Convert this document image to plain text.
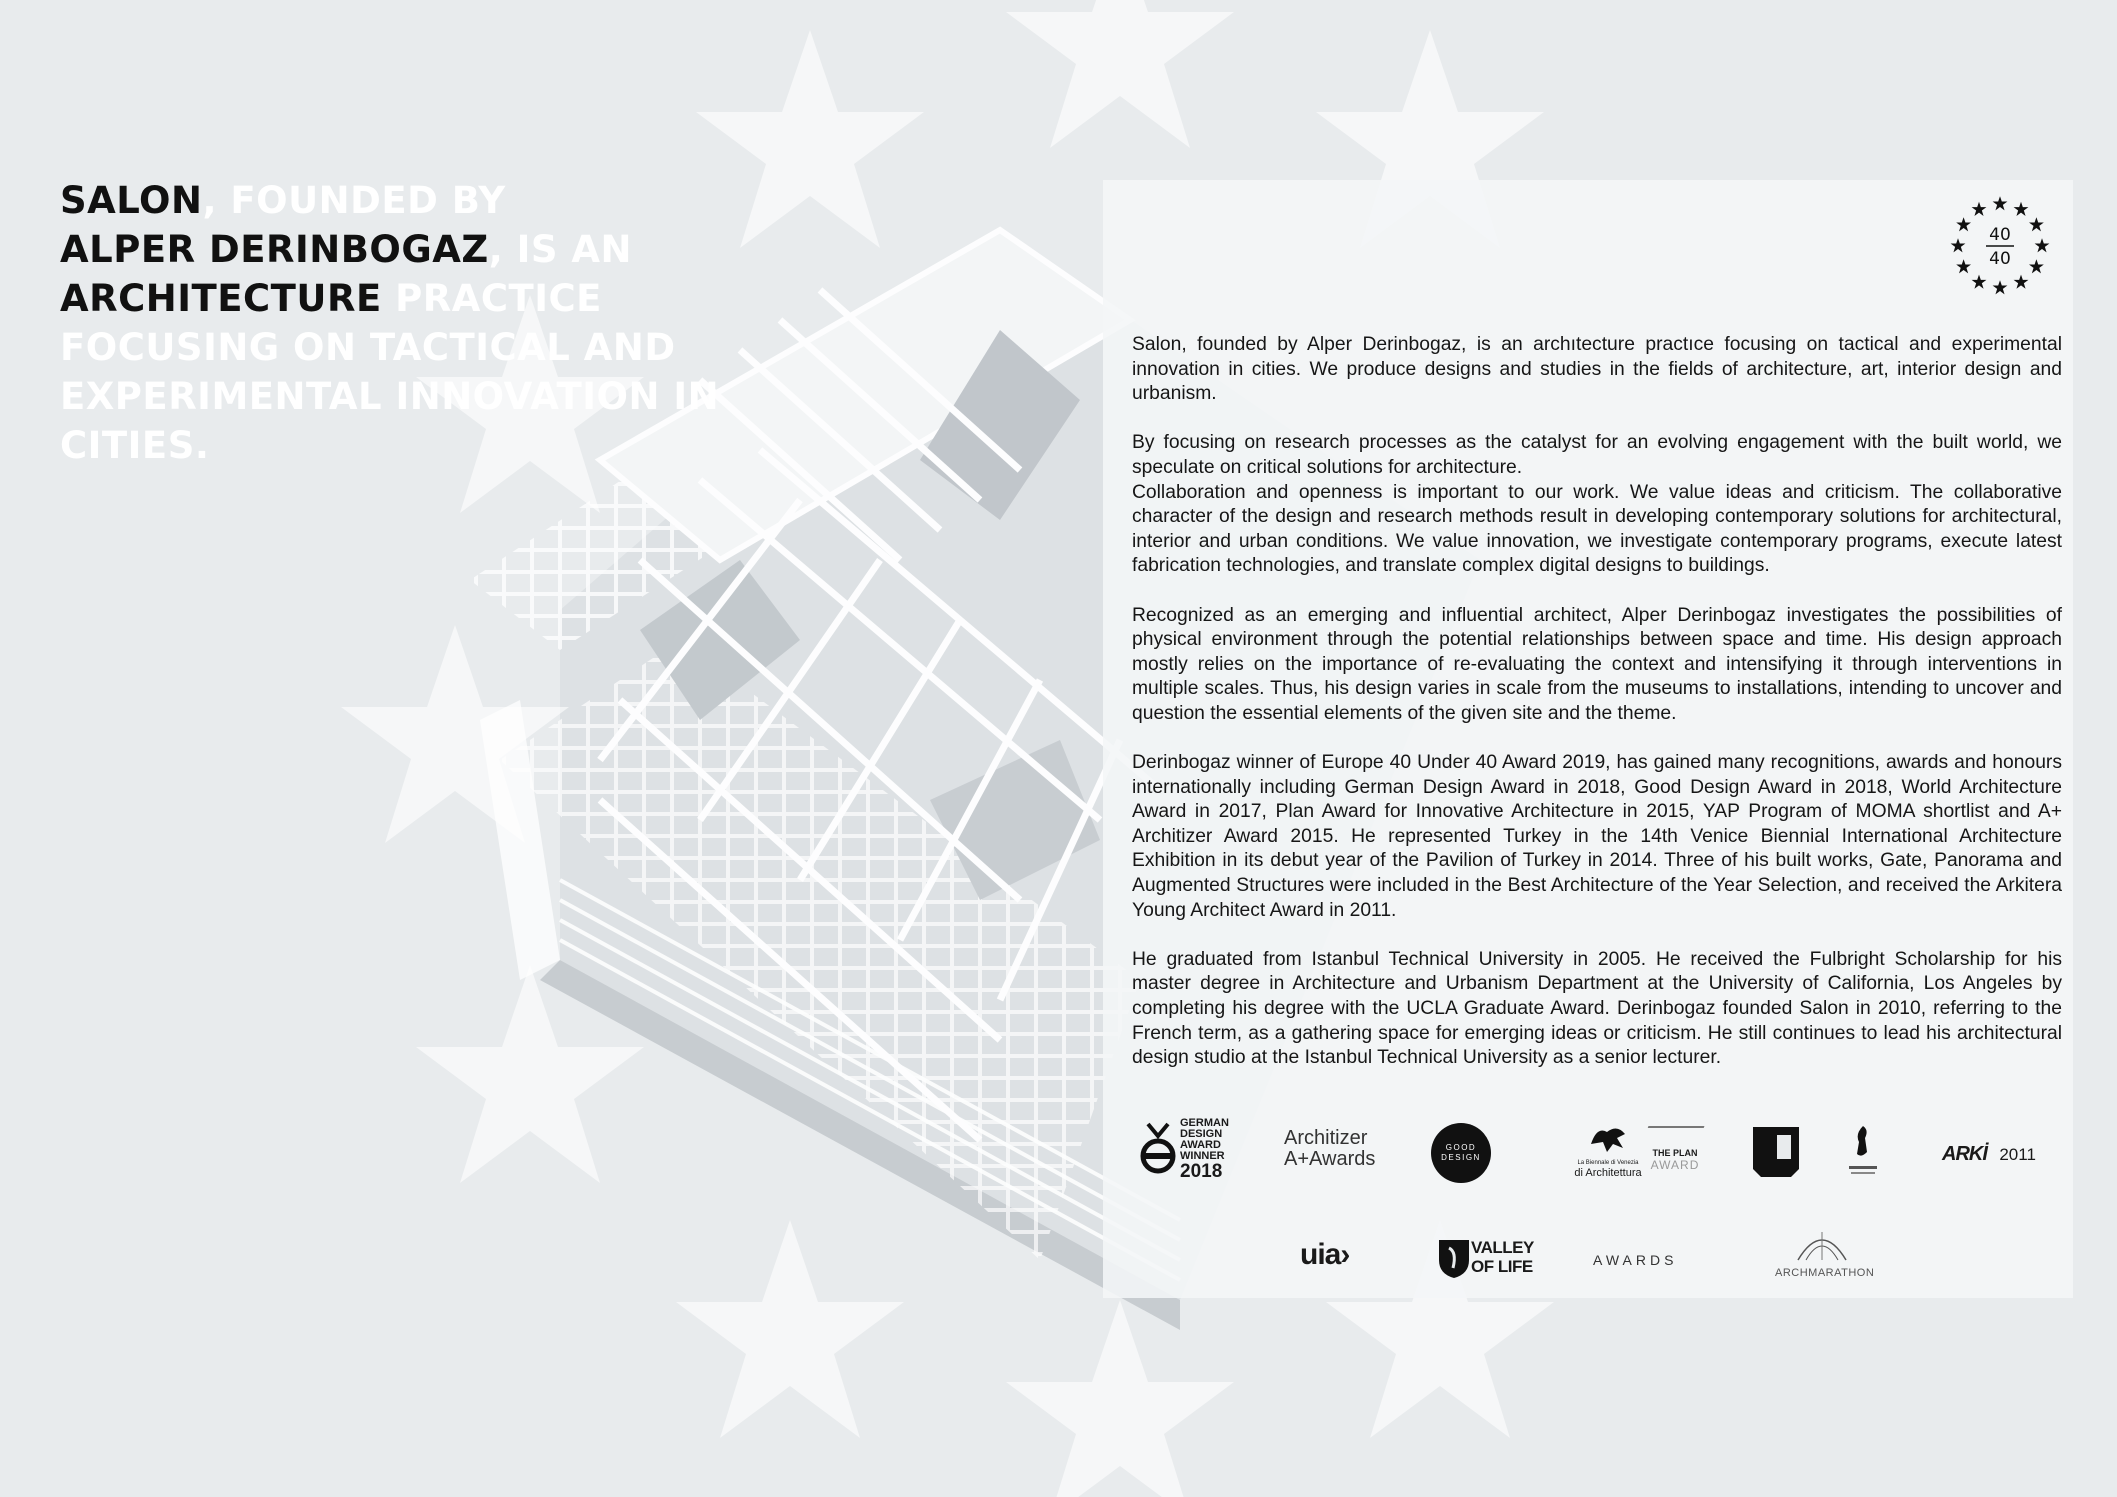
SALON, FOUNDED BY
ALPER DERINBOGAZ, IS AN
ARCHITECTURE PRACTICE FOCUSING ON TACTICAL AND EXPERIMENTAL INNOVATION IN CITIES.
40
40

Salon, founded by Alper Derinbogaz, is an archıtecture practıce focusing on tactical and experimental innovation in cities. We produce designs and studies in the fields of architecture, art, interior design and urbanism.

By focusing on research processes as the catalyst for an evolving engagement with the built world, we speculate on critical solutions for architecture.

Collaboration and openness is important to our work. We value ideas and criticism. The collaborative character of the design and research methods result in developing contemporary solutions for architectural, interior and urban conditions. We value innovation, we investigate contemporary programs, execute latest fabrication technologies, and translate complex digital designs to buildings.

Recognized as an emerging and influential architect, Alper Derinbogaz investigates the possibilities of physical environment through the potential relationships between space and time. His design approach mostly relies on the importance of re-evaluating the context and intensifying it through interventions in multiple scales. Thus, his design varies in scale from the museums to installations, intending to uncover and question the essential elements of the given site and the theme.

Derinbogaz winner of Europe 40 Under 40 Award 2019, has gained many recognitions, awards and honours internationally including German Design Award in 2018, Good Design Award in 2018, World Architecture Award in 2017, Plan Award for Innovative Architecture in 2015, YAP Program of MOMA shortlist and A+ Architizer Award 2015. He represented Turkey in the 14th Venice Biennial International Architecture Exhibition in its debut year of the Pavilion of Turkey in 2014. Three of his built works, Gate, Panorama and Augmented Structures were included in the Best Architecture of the Year Selection, and received the Arkitera Young Architect Award in 2011.

He graduated from Istanbul Technical University in 2005. He received the Fulbright Scholarship for his master degree in Architecture and Urbanism Department at the University of California, Los Angeles by completing his degree with the UCLA Graduate Award. Derinbogaz founded Salon in 2010, referring to the French term, as a gathering space for emerging ideas or criticism. He still continues to lead his architectural design studio at the Istanbul Technical University as a senior lecturer.

GERMAN
DESIGN
AWARD
WINNER
2018
Architizer
A+Awards
GOOD
DESIGN
La Biennale di Venezia
di Architettura
THE PLAN
AWARD	ARKİ 2011
uia›	VALLEY
OF LIFE	AWARDS
ARCHMARATHON
